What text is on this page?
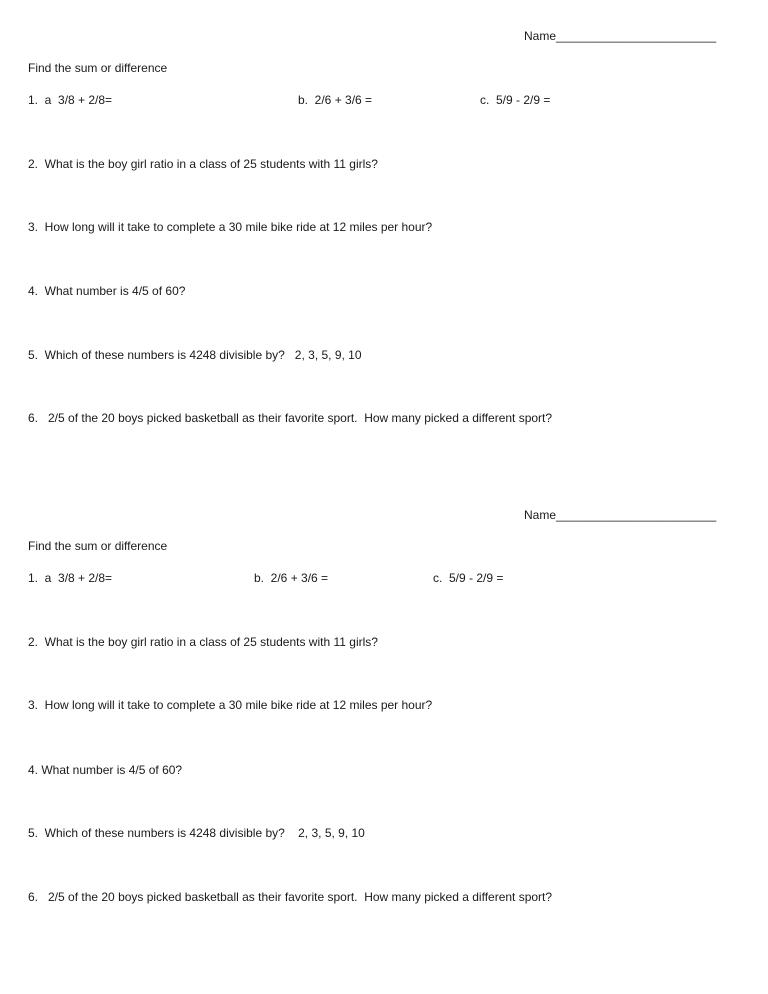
Name________________________
Find the sum or difference
1.  a  3/8 + 2/8=	b.  2/6 + 3/6 =	c.  5/9 - 2/9 =
2.  What is the boy girl ratio in a class of 25 students with 11 girls?
3.  How long will it take to complete a 30 mile bike ride at 12 miles per hour?
4.  What number is 4/5 of 60?
5.  Which of these numbers is 4248 divisible by?   2, 3, 5, 9, 10
6.   2/5 of the 20 boys picked basketball as their favorite sport.  How many picked a different sport?
Name________________________
Find the sum or difference
1.  a  3/8 + 2/8=	b.  2/6 + 3/6 =	c.  5/9 - 2/9 =
2.  What is the boy girl ratio in a class of 25 students with 11 girls?
3.  How long will it take to complete a 30 mile bike ride at 12 miles per hour?
4. What number is 4/5 of 60?
5.  Which of these numbers is 4248 divisible by?    2, 3, 5, 9, 10
6.   2/5 of the 20 boys picked basketball as their favorite sport.  How many picked a different sport?
